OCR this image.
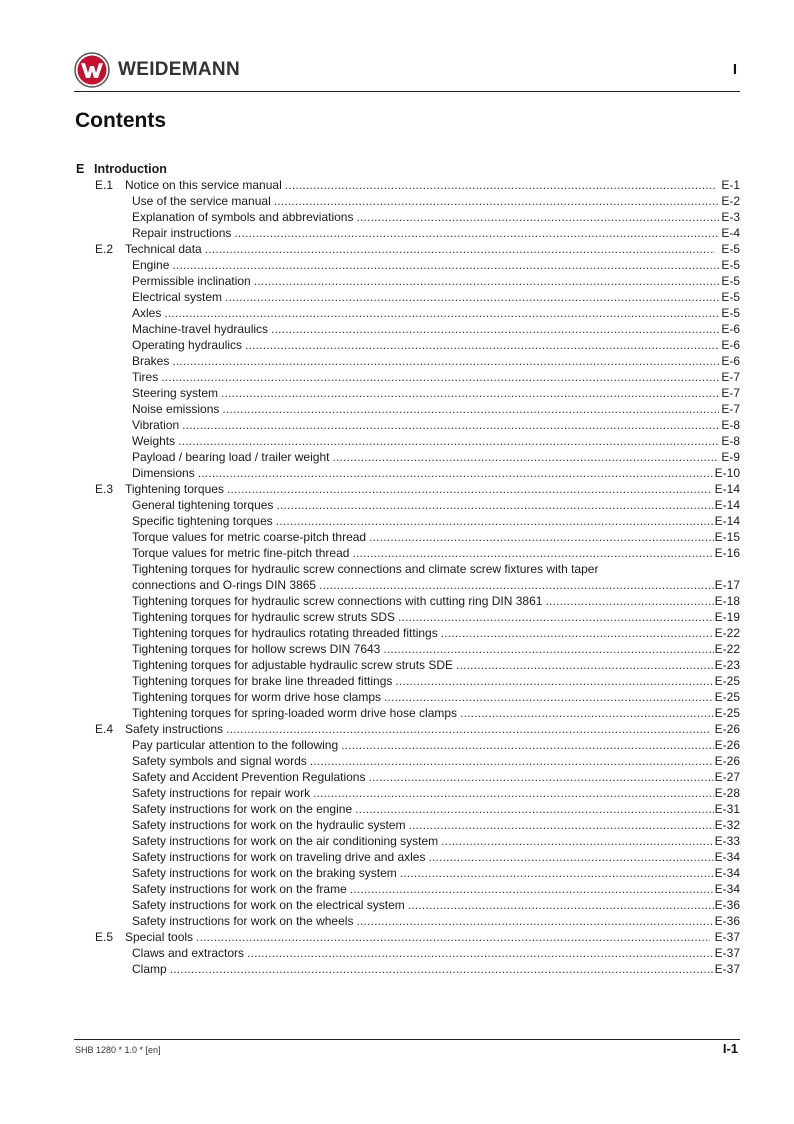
WEIDEMANN	I
Contents
E Introduction
E.1 Notice on this service manual .....	E-1
Use of the service manual .....	E-2
Explanation of symbols and abbreviations .....	E-3
Repair instructions .....	E-4
E.2 Technical data .....	E-5
Engine .....	E-5
Permissible inclination .....	E-5
Electrical system .....	E-5
Axles .....	E-5
Machine-travel hydraulics .....	E-6
Operating hydraulics .....	E-6
Brakes .....	E-6
Tires .....	E-7
Steering system .....	E-7
Noise emissions .....	E-7
Vibration .....	E-8
Weights .....	E-8
Payload / bearing load / trailer weight .....	E-9
Dimensions .....	E-10
E.3 Tightening torques .....	E-14
General tightening torques .....	E-14
Specific tightening torques .....	E-14
Torque values for metric coarse-pitch thread .....	E-15
Torque values for metric fine-pitch thread .....	E-16
Tightening torques for hydraulic screw connections and climate screw fixtures with taper
connections and O-rings DIN 3865 .....	E-17
Tightening torques for hydraulic screw connections with cutting ring DIN 3861 .....	E-18
Tightening torques for hydraulic screw struts SDS .....	E-19
Tightening torques for hydraulics rotating threaded fittings .....	E-22
Tightening torques for hollow screws DIN 7643 .....	E-22
Tightening torques for adjustable hydraulic screw struts SDE .....	E-23
Tightening torques for brake line threaded fittings .....	E-25
Tightening torques for worm drive hose clamps .....	E-25
Tightening torques for spring-loaded worm drive hose clamps .....	E-25
E.4 Safety instructions .....	E-26
Pay particular attention to the following .....	E-26
Safety symbols and signal words .....	E-26
Safety and Accident Prevention Regulations .....	E-27
Safety instructions for repair work .....	E-28
Safety instructions for work on the engine .....	E-31
Safety instructions for work on the hydraulic system .....	E-32
Safety instructions for work on the air conditioning system .....	E-33
Safety instructions for work on traveling drive and axles .....	E-34
Safety instructions for work on the braking system .....	E-34
Safety instructions for work on the frame .....	E-34
Safety instructions for work on the electrical system .....	E-36
Safety instructions for work on the wheels .....	E-36
E.5 Special tools .....	E-37
Claws and extractors .....	E-37
Clamp .....	E-37
SHB 1280 * 1.0 * [en]	I-1
